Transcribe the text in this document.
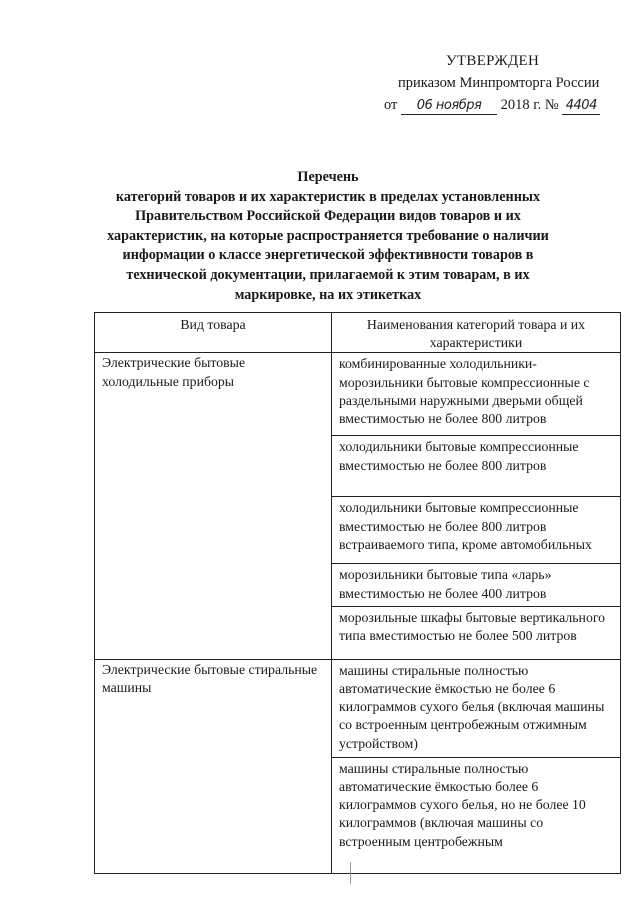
УТВЕРЖДЕН
приказом Минпромторга России
от 06 ноября 2018 г. № 4404
Перечень
категорий товаров и их характеристик в пределах установленных Правительством Российской Федерации видов товаров и их характеристик, на которые распространяется требование о наличии информации о классе энергетической эффективности товаров в технической документации, прилагаемой к этим товарам, в их маркировке, на их этикетках
Вид товара	Наименования категорий товара и их характеристики
Электрические бытовые холодильные приборы	комбинированные холодильники-морозильники бытовые компрессионные с раздельными наружными дверьми общей вместимостью не более 800 литров
	холодильники бытовые компрессионные вместимостью не более 800 литров
	холодильники бытовые компрессионные вместимостью не более 800 литров встраиваемого типа, кроме автомобильных
	морозильники бытовые типа «ларь» вместимостью не более 400 литров
	морозильные шкафы бытовые вертикального типа вместимостью не более 500 литров
Электрические бытовые стиральные машины	машины стиральные полностью автоматические ёмкостью не более 6 килограммов сухого белья (включая машины со встроенным центробежным отжимным устройством)
	машины стиральные полностью автоматические ёмкостью более 6 килограммов сухого белья, но не более 10 килограммов (включая машины со встроенным центробежным
